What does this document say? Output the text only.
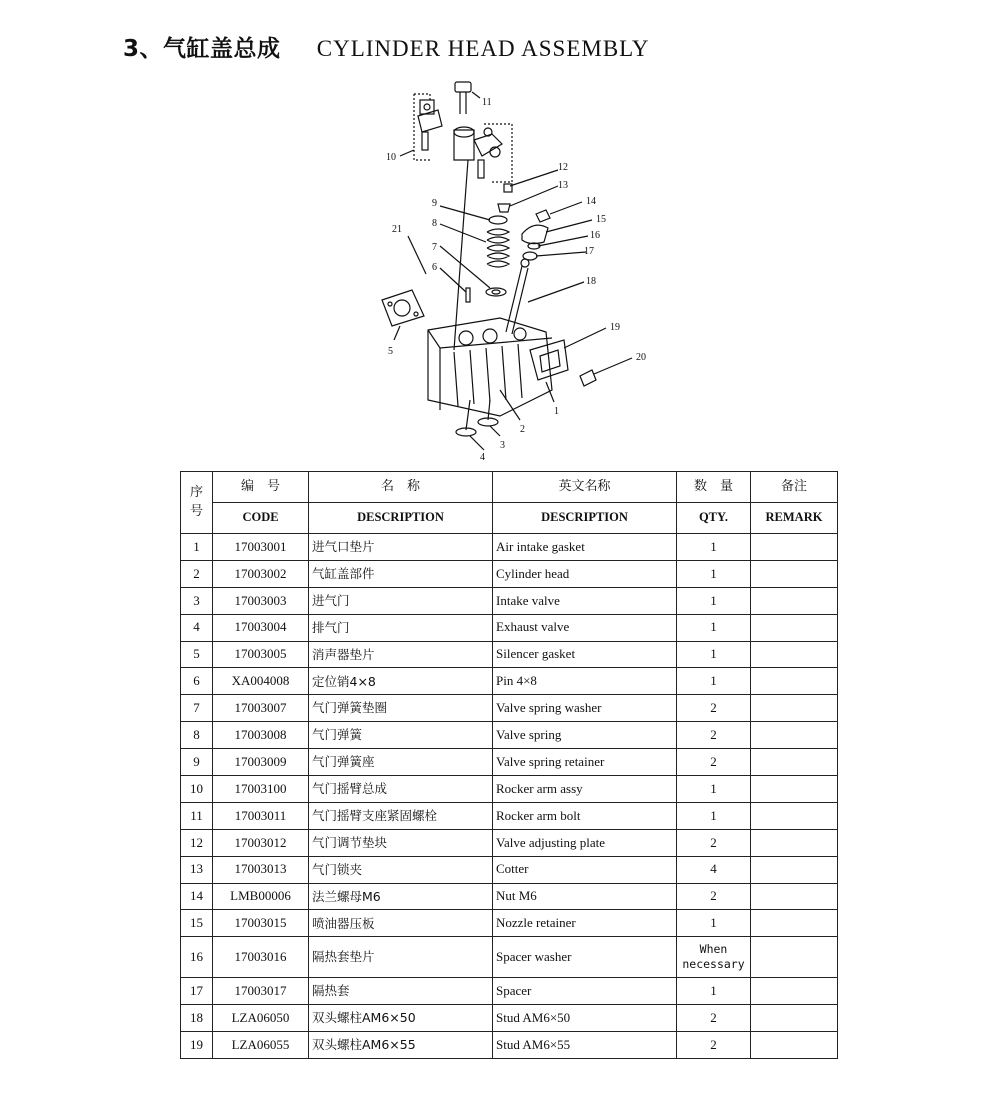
3、气缸盖总成 CYLINDER HEAD ASSEMBLY
11
10
12
13
9
8
7
6
21
14
15
16
17
18
19
20
5
1
2
3
4
序号	编　号	名　称	英文名称	数　量	备注
	CODE	DESCRIPTION	DESCRIPTION	QTY.	REMARK
1	17003001	进气口垫片	Air intake gasket	1	
2	17003002	气缸盖部件	Cylinder head	1	
3	17003003	进气门	Intake valve	1	
4	17003004	排气门	Exhaust valve	1	
5	17003005	消声器垫片	Silencer gasket	1	
6	XA004008	定位销4×8	Pin 4×8	1	
7	17003007	气门弹簧垫圈	Valve spring washer	2	
8	17003008	气门弹簧	Valve spring	2	
9	17003009	气门弹簧座	Valve spring retainer	2	
10	17003100	气门摇臂总成	Rocker arm assy	1	
11	17003011	气门摇臂支座紧固螺栓	Rocker arm bolt	1	
12	17003012	气门调节垫块	Valve adjusting plate	2	
13	17003013	气门锁夹	Cotter	4	
14	LMB00006	法兰螺母M6	Nut M6	2	
15	17003015	喷油器压板	Nozzle retainer	1	
16	17003016	隔热套垫片	Spacer washer	When necessary	
17	17003017	隔热套	Spacer	1	
18	LZA06050	双头螺柱AM6×50	Stud AM6×50	2	
19	LZA06055	双头螺柱AM6×55	Stud AM6×55	2	
